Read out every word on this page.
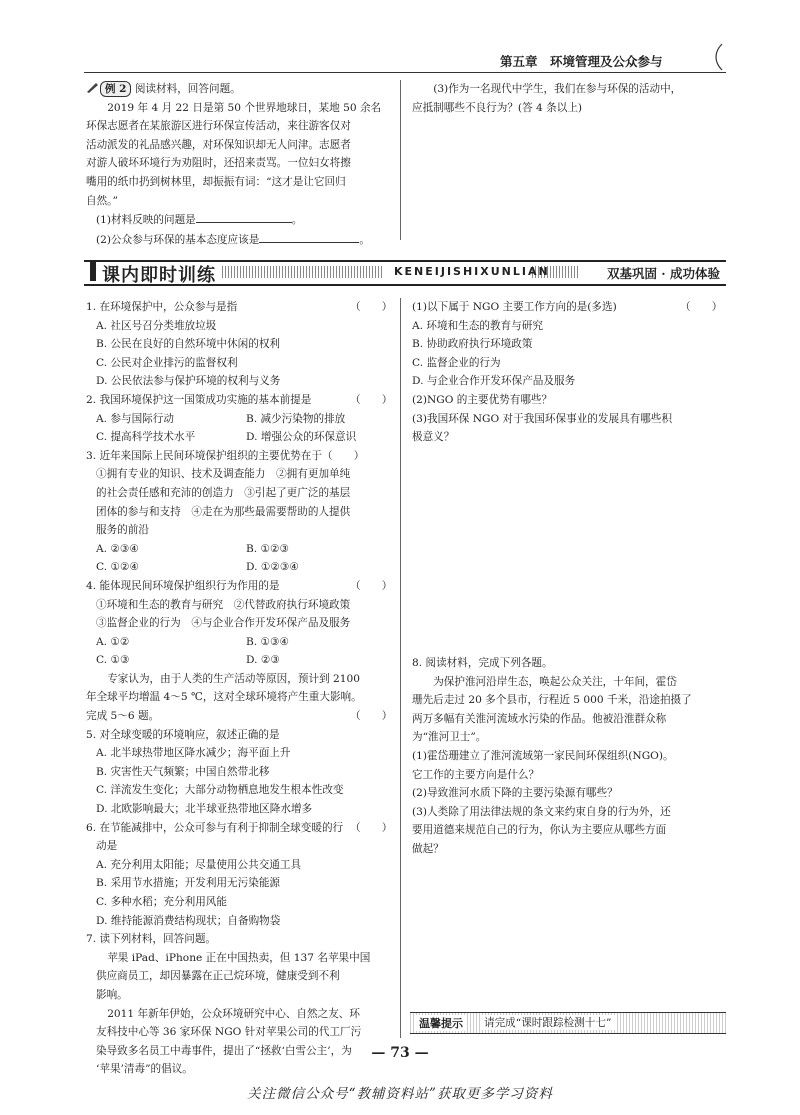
第五章　环境管理及公众参与
例 2 阅读材料，回答问题。
2019 年 4 月 22 日是第 50 个世界地球日，某地 50 余名
环保志愿者在某旅游区进行环保宣传活动，来往游客仅对
活动派发的礼品感兴趣，对环保知识却无人问津。志愿者
对游人破坏环境行为劝阻时，还招来责骂。一位妇女将擦
嘴用的纸巾扔到树林里，却振振有词：“这才是让它回归
自然。”
(1)材料反映的问题是	。
(2)公众参与环保的基本态度应该是	。
(3)作为一名现代中学生，我们在参与环保的活动中，
应抵制哪些不良行为？(答 4 条以上)
课内即时训练	KENEIJISHIXUNLIAN	双基巩固 · 成功体验
1. 在环境保护中，公众参与是指
A. 社区号召分类堆放垃圾
B. 公民在良好的自然环境中休闲的权利
C. 公民对企业排污的监督权利
D. 公民依法参与保护环境的权利与义务
2. 我国环境保护这一国策成功实施的基本前提是
A. 参与国际行动	B. 减少污染物的排放
C. 提高科学技术水平	D. 增强公众的环保意识
3. 近年来国际上民间环境保护组织的主要优势在于（　　）
①拥有专业的知识、技术及调查能力　②拥有更加单纯
的社会责任感和充沛的创造力　③引起了更广泛的基层
团体的参与和支持　④走在为那些最需要帮助的人提供
服务的前沿
A. ②③④	B. ①②③
C. ①②④	D. ①②③④
4. 能体现民间环境保护组织行为作用的是
①环境和生态的教育与研究　②代替政府执行环境政策
③监督企业的行为　④与企业合作开发环保产品及服务
A. ①②	B. ①③④
C. ①③	D. ②③
专家认为，由于人类的生产活动等原因，预计到 2100
年全球平均增温 4～5 ℃，这对全球环境将产生重大影响。
完成 5～6 题。
5. 对全球变暖的环境响应，叙述正确的是
A. 北半球热带地区降水减少；海平面上升
B. 灾害性天气频繁；中国自然带北移
C. 洋流发生变化；大部分动物栖息地发生根本性改变
D. 北欧影响最大；北半球亚热带地区降水增多
6. 在节能减排中，公众可参与有利于抑制全球变暖的行
动是
A. 充分利用太阳能；尽量使用公共交通工具
B. 采用节水措施；开发利用无污染能源
C. 多种水稻；充分利用风能
D. 维持能源消费结构现状；自备购物袋
7. 读下列材料，回答问题。
苹果 iPad、iPhone 正在中国热卖，但 137 名苹果中国
供应商员工，却因暴露在正己烷环境，健康受到不利
影响。
2011 年新年伊始，公众环境研究中心、自然之友、环
友科技中心等 36 家环保 NGO 针对苹果公司的代工厂污
染导致多名员工中毒事件，提出了“拯救‘白雪公主’，为
‘苹果’清毒”的倡议。
（　　）
（　　）
（　　）
（　　）
（　　）
(1)以下属于 NGO 主要工作方向的是(多选)
A. 环境和生态的教育与研究
B. 协助政府执行环境政策
C. 监督企业的行为
D. 与企业合作开发环保产品及服务
(2)NGO 的主要优势有哪些？
(3)我国环保 NGO 对于我国环保事业的发展具有哪些积
极意义？
（　　）
8. 阅读材料，完成下列各题。
为保护淮河沿岸生态，唤起公众关注，十年间，霍岱
珊先后走过 20 多个县市，行程近 5 000 千米，沿途拍摄了
两万多幅有关淮河流域水污染的作品。他被沿淮群众称
为“淮河卫士”。
(1)霍岱珊建立了淮河流域第一家民间环保组织(NGO)。
它工作的主要方向是什么？
(2)导致淮河水质下降的主要污染源有哪些？
(3)人类除了用法律法规的条文来约束自身的行为外，还
要用道德来规范自己的行为，你认为主要应从哪些方面
做起？
温馨提示	请完成“课时跟踪检测十七”
— 73 —
关注微信公众号“教辅资料站”获取更多学习资料
